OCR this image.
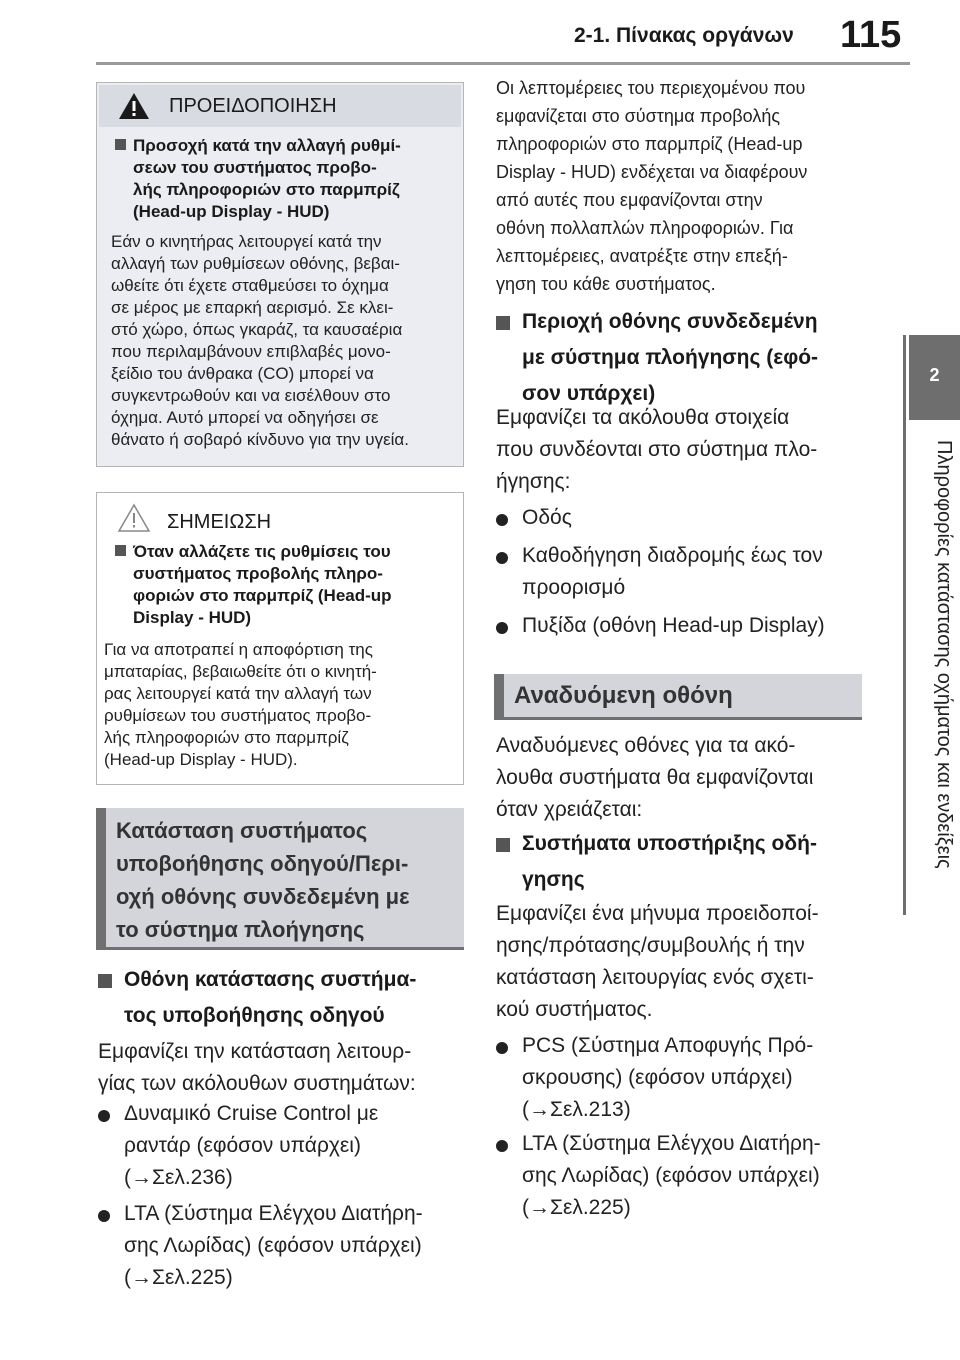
2-1. Πίνακας οργάνων 115
2
Πληροφορίες κατάστασης οχήματος και ενδείξεις
ΠΡΟΕΙΔΟΠΟΙΗΣΗ
Προσοχή κατά την αλλαγή ρυθμί-
σεων του συστήματος προβο-
λής πληροφοριών στο παρμπρίζ
(Head-up Display - HUD)
Εάν ο κινητήρας λειτουργεί κατά την
αλλαγή των ρυθμίσεων οθόνης, βεβαι-
ωθείτε ότι έχετε σταθμεύσει το όχημα
σε μέρος με επαρκή αερισμό. Σε κλει-
στό χώρο, όπως γκαράζ, τα καυσαέρια
που περιλαμβάνουν επιβλαβές μονο-
ξείδιο του άνθρακα (CO) μπορεί να
συγκεντρωθούν και να εισέλθουν στο
όχημα. Αυτό μπορεί να οδηγήσει σε
θάνατο ή σοβαρό κίνδυνο για την υγεία.
ΣΗΜΕΙΩΣΗ
Όταν αλλάζετε τις ρυθμίσεις του
συστήματος προβολής πληρο-
φοριών στο παρμπρίζ (Head-up
Display - HUD)
Για να αποτραπεί η αποφόρτιση της
μπαταρίας, βεβαιωθείτε ότι ο κινητή-
ρας λειτουργεί κατά την αλλαγή των
ρυθμίσεων του συστήματος προβο-
λής πληροφοριών στο παρμπρίζ
(Head-up Display - HUD).
Κατάσταση συστήματος
υποβοήθησης οδηγού/Περι-
οχή οθόνης συνδεδεμένη με
το σύστημα πλοήγησης
Οθόνη κατάστασης συστήμα-
τος υποβοήθησης οδηγού
Εμφανίζει την κατάσταση λειτουρ-
γίας των ακόλουθων συστημάτων:
Δυναμικό Cruise Control με
ραντάρ (εφόσον υπάρχει)
(→Σελ.236)
LTA (Σύστημα Ελέγχου Διατήρη-
σης Λωρίδας) (εφόσον υπάρχει)
(→Σελ.225)
Οι λεπτομέρειες του περιεχομένου που
εμφανίζεται στο σύστημα προβολής
πληροφοριών στο παρμπρίζ (Head-up
Display - HUD) ενδέχεται να διαφέρουν
από αυτές που εμφανίζονται στην
οθόνη πολλαπλών πληροφοριών. Για
λεπτομέρειες, ανατρέξτε στην επεξή-
γηση του κάθε συστήματος.
Περιοχή οθόνης συνδεδεμένη
με σύστημα πλοήγησης (εφό-
σον υπάρχει)
Εμφανίζει τα ακόλουθα στοιχεία
που συνδέονται στο σύστημα πλο-
ήγησης:
Οδός
Καθοδήγηση διαδρομής έως τον
προορισμό
Πυξίδα (οθόνη Head-up Display)
Αναδυόμενη οθόνη
Αναδυόμενες οθόνες για τα ακό-
λουθα συστήματα θα εμφανίζονται
όταν χρειάζεται:
Συστήματα υποστήριξης οδή-
γησης
Εμφανίζει ένα μήνυμα προειδοποί-
ησης/πρότασης/συμβουλής ή την
κατάσταση λειτουργίας ενός σχετι-
κού συστήματος.
PCS (Σύστημα Αποφυγής Πρό-
σκρουσης) (εφόσον υπάρχει)
(→Σελ.213)
LTA (Σύστημα Ελέγχου Διατήρη-
σης Λωρίδας) (εφόσον υπάρχει)
(→Σελ.225)
